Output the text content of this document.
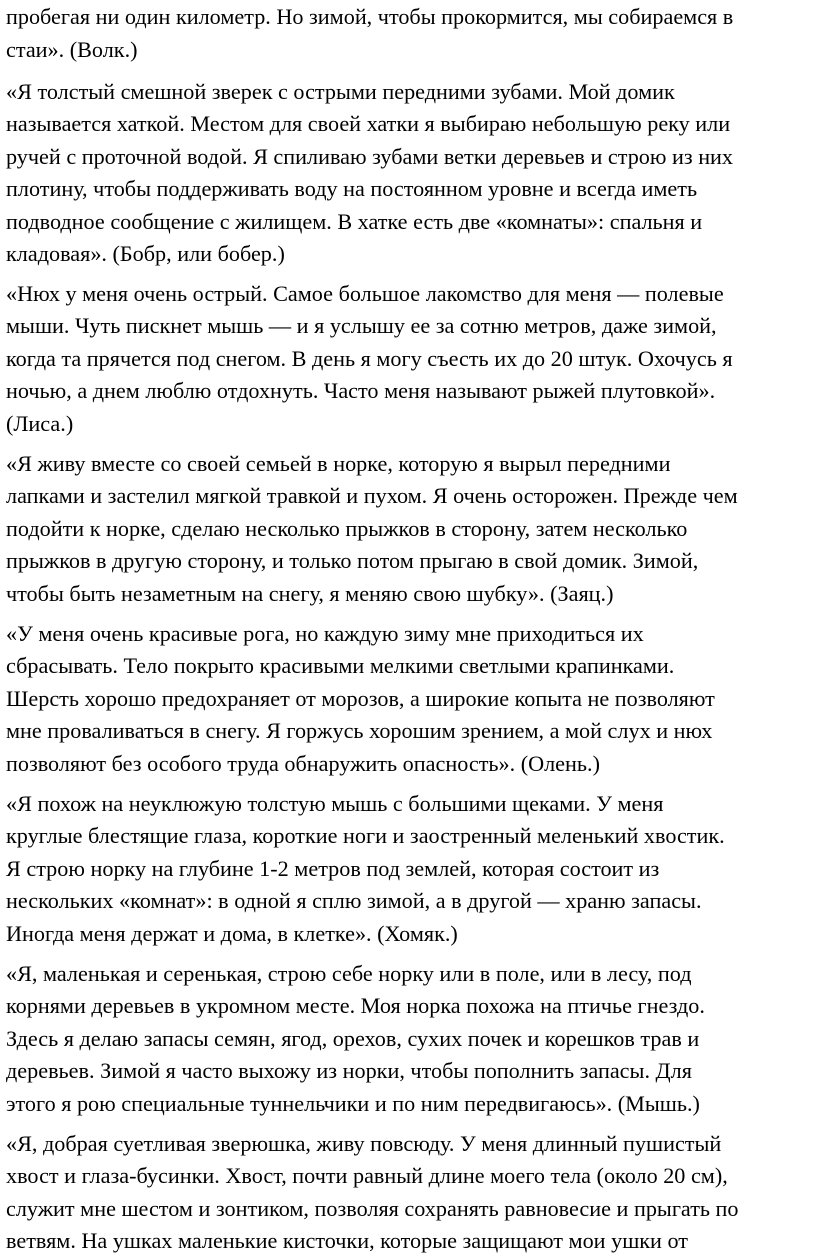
пробегая ни один километр. Но зимой, чтобы прокормится, мы собираемся в
стаи». (Волк.)
«Я толстый смешной зверек с острыми передними зубами. Мой домик
называется хаткой. Местом для своей хатки я выбираю небольшую реку или
ручей с проточной водой. Я спиливаю зубами ветки деревьев и строю из них
плотину, чтобы поддерживать воду на постоянном уровне и всегда иметь
подводное сообщение с жилищем. В хатке есть две «комнаты»: спальня и
кладовая». (Бобр, или бобер.)
«Нюх у меня очень острый. Самое большое лакомство для меня — полевые
мыши. Чуть пискнет мышь — и я услышу ее за сотню метров, даже зимой,
когда та прячется под снегом. В день я могу съесть их до 20 штук. Охочусь я
ночью, а днем люблю отдохнуть. Часто меня называют рыжей плутовкой».
(Лиса.)
«Я живу вместе со своей семьей в норке, которую я вырыл передними
лапками и застелил мягкой травкой и пухом. Я очень осторожен. Прежде чем
подойти к норке, сделаю несколько прыжков в сторону, затем несколько
прыжков в другую сторону, и только потом прыгаю в свой домик. Зимой,
чтобы быть незаметным на снегу, я меняю свою шубку». (Заяц.)
«У меня очень красивые рога, но каждую зиму мне приходиться их
сбрасывать. Тело покрыто красивыми мелкими светлыми крапинками.
Шерсть хорошо предохраняет от морозов, а широкие копыта не позволяют
мне проваливаться в снегу. Я горжусь хорошим зрением, а мой слух и нюх
позволяют без особого труда обнаружить опасность». (Олень.)
«Я похож на неуклюжую толстую мышь с большими щеками. У меня
круглые блестящие глаза, короткие ноги и заостренный меленький хвостик.
Я строю норку на глубине 1-2 метров под землей, которая состоит из
нескольких «комнат»: в одной я сплю зимой, а в другой — храню запасы.
Иногда меня держат и дома, в клетке». (Хомяк.)
«Я, маленькая и серенькая, строю себе норку или в поле, или в лесу, под
корнями деревьев в укромном месте. Моя норка похожа на птичье гнездо.
Здесь я делаю запасы семян, ягод, орехов, сухих почек и корешков трав и
деревьев. Зимой я часто выхожу из норки, чтобы пополнить запасы. Для
этого я рою специальные туннельчики и по ним передвигаюсь». (Мышь.)
«Я, добрая суетливая зверюшка, живу повсюду. У меня длинный пушистый
хвост и глаза-бусинки. Хвост, почти равный длине моего тела (около 20 см),
служит мне шестом и зонтиком, позволяя сохранять равновесие и прыгать по
ветвям. На ушках маленькие кисточки, которые защищают мои ушки от
